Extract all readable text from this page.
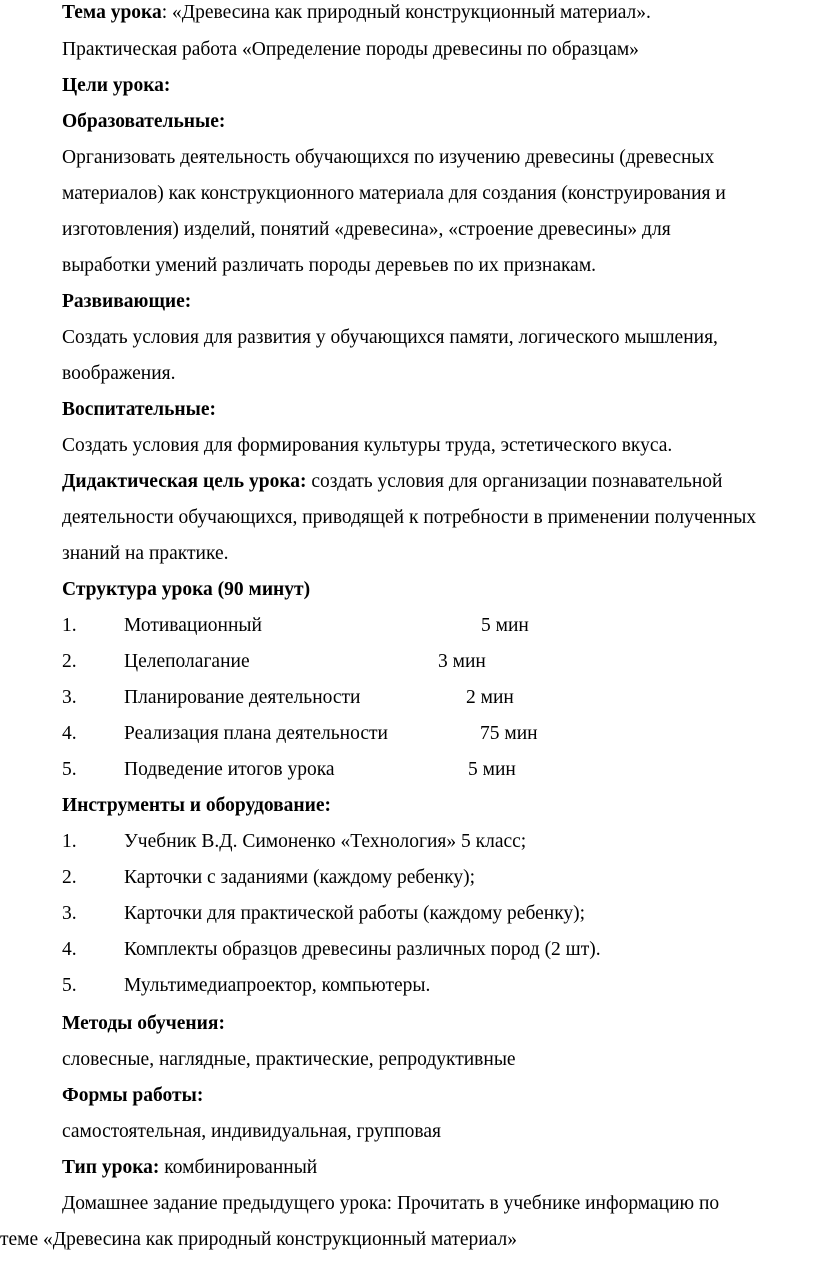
Тема урока: «Древесина как природный конструкционный материал».
Практическая работа «Определение породы древесины по образцам»
Цели урока:
Образовательные:
Организовать деятельность обучающихся по изучению древесины (древесных
материалов) как конструкционного материала для создания (конструирования и
изготовления) изделий, понятий «древесина», «строение древесины» для
выработки умений различать породы деревьев по их признакам.
Развивающие:
Создать условия для развития у обучающихся памяти, логического мышления,
воображения.
Воспитательные:
Создать условия для формирования культуры труда, эстетического вкуса.
Дидактическая цель урока: создать условия для организации познавательной
деятельности обучающихся, приводящей к потребности в применении полученных
знаний на практике.
Структура урока (90 минут)
1. Мотивационный	5 мин
2. Целеполагание	3 мин
3. Планирование деятельности	2 мин
4. Реализация плана деятельности	75 мин
5. Подведение итогов урока	5 мин
Инструменты и оборудование:
1. Учебник В.Д. Симоненко «Технология» 5 класс;
2. Карточки с заданиями (каждому ребенку);
3. Карточки для практической работы (каждому ребенку);
4. Комплекты образцов древесины различных пород (2 шт).
5. Мультимедиапроектор, компьютеры.
Методы обучения:
словесные, наглядные, практические, репродуктивные
Формы работы:
самостоятельная, индивидуальная, групповая
Тип урока: комбинированный
Домашнее задание предыдущего урока: Прочитать в учебнике информацию по
теме «Древесина как природный конструкционный материал»
